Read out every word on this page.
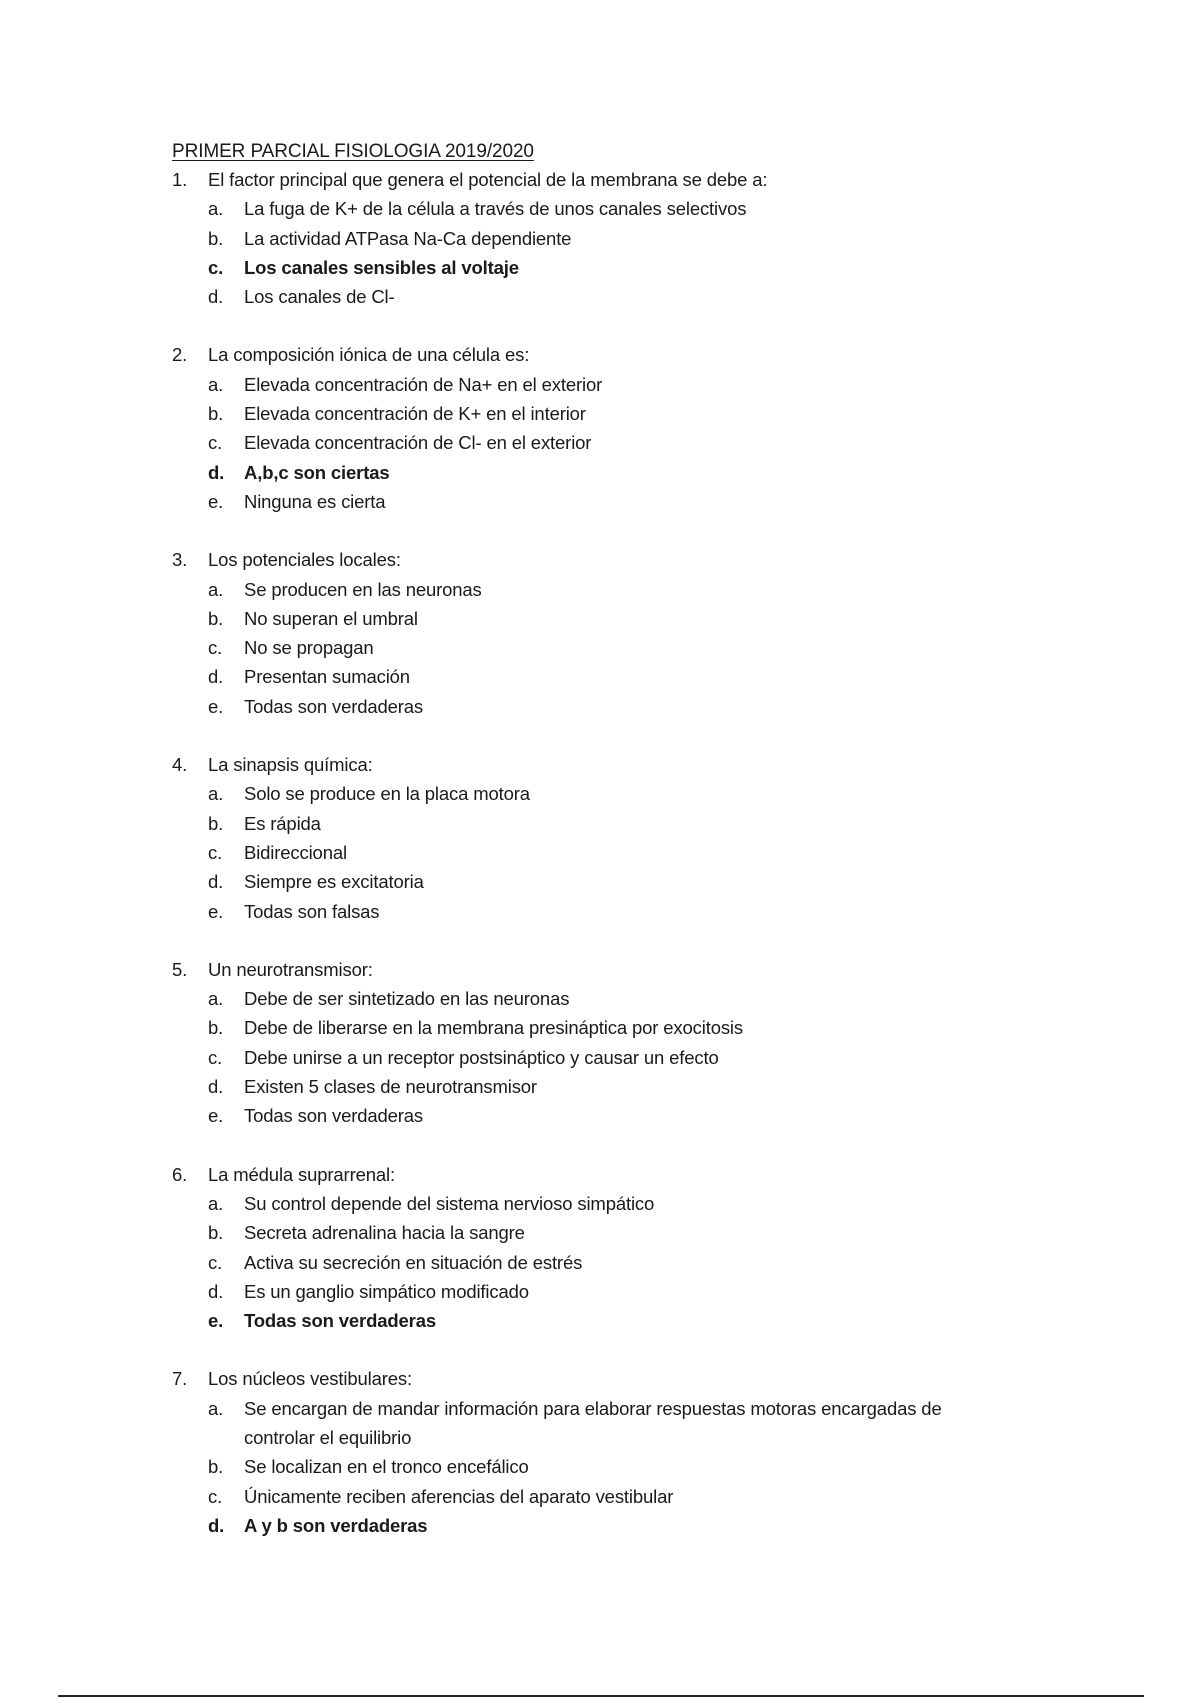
PRIMER PARCIAL FISIOLOGIA 2019/2020
1. El factor principal que genera el potencial de la membrana se debe a:
a. La fuga de K+ de la célula a través de unos canales selectivos
b. La actividad ATPasa Na-Ca dependiente
c. Los canales sensibles al voltaje
d. Los canales de Cl-
2. La composición iónica de una célula es:
a. Elevada concentración de Na+ en el exterior
b. Elevada concentración de K+ en el interior
c. Elevada concentración de Cl- en el exterior
d. A,b,c son ciertas
e. Ninguna es cierta
3. Los potenciales locales:
a. Se producen en las neuronas
b. No superan el umbral
c. No se propagan
d. Presentan sumación
e. Todas son verdaderas
4. La sinapsis química:
a. Solo se produce en la placa motora
b. Es rápida
c. Bidireccional
d. Siempre es excitatoria
e. Todas son falsas
5. Un neurotransmisor:
a. Debe de ser sintetizado en las neuronas
b. Debe de liberarse en la membrana presináptica por exocitosis
c. Debe unirse a un receptor postsináptico y causar un efecto
d. Existen 5 clases de neurotransmisor
e. Todas son verdaderas
6. La médula suprarrenal:
a. Su control depende del sistema nervioso simpático
b. Secreta adrenalina hacia la sangre
c. Activa su secreción en situación de estrés
d. Es un ganglio simpático modificado
e. Todas son verdaderas
7. Los núcleos vestibulares:
a. Se encargan de mandar información para elaborar respuestas motoras encargadas de controlar el equilibrio
b. Se localizan en el tronco encefálico
c. Únicamente reciben aferencias del aparato vestibular
d. A y b son verdaderas
